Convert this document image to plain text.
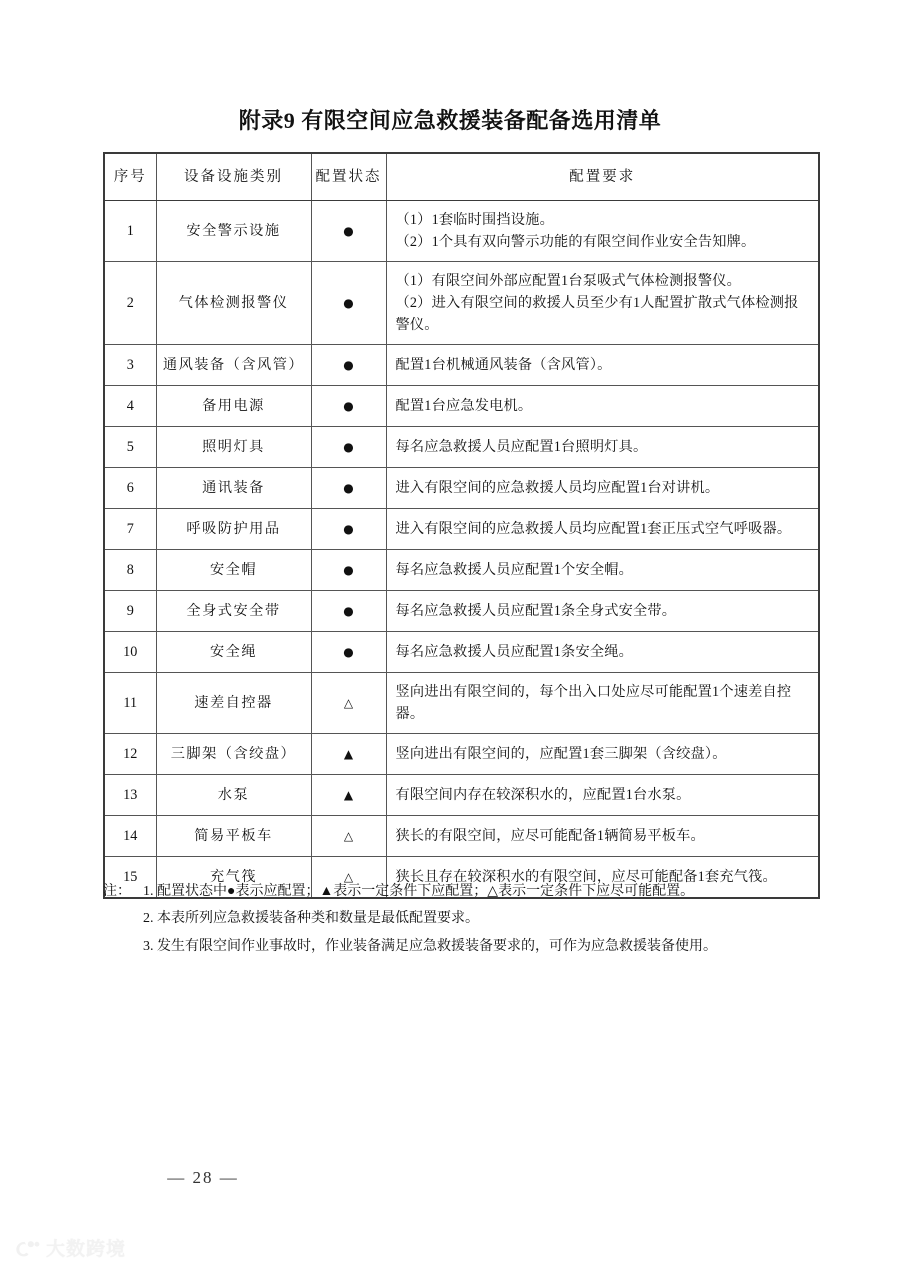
附录9 有限空间应急救援装备配备选用清单
序号	设备设施类别	配置状态	配置要求
1	安全警示设施	●	（1）1套临时围挡设施。
（2）1个具有双向警示功能的有限空间作业安全告知牌。

2	气体检测报警仪	●	（1）有限空间外部应配置1台泵吸式气体检测报警仪。
（2）进入有限空间的救援人员至少有1人配置扩散式气体检测报警仪。

3	通风装备（含风管）	●	配置1台机械通风装备（含风管）。

4	备用电源	●	配置1台应急发电机。

5	照明灯具	●	每名应急救援人员应配置1台照明灯具。

6	通讯装备	●	进入有限空间的应急救援人员均应配置1台对讲机。

7	呼吸防护用品	●	进入有限空间的应急救援人员均应配置1套正压式空气呼吸器。

8	安全帽	●	每名应急救援人员应配置1个安全帽。

9	全身式安全带	●	每名应急救援人员应配置1条全身式安全带。

10	安全绳	●	每名应急救援人员应配置1条安全绳。

11	速差自控器	△	竖向进出有限空间的，每个出入口处应尽可能配置1个速差自控器。

12	三脚架（含绞盘）	▲	竖向进出有限空间的，应配置1套三脚架（含绞盘）。

13	水泵	▲	有限空间内存在较深积水的，应配置1台水泵。

14	简易平板车	△	狭长的有限空间，应尽可能配备1辆简易平板车。

15	充气筏	△	狭长且存在较深积水的有限空间，应尽可能配备1套充气筏。
注： 1. 配置状态中●表示应配置；▲表示一定条件下应配置；△表示一定条件下应尽可能配置。
2. 本表所列应急救援装备种类和数量是最低配置要求。
3. 发生有限空间作业事故时，作业装备满足应急救援装备要求的，可作为应急救援装备使用。
— 28 —
大数跨境
